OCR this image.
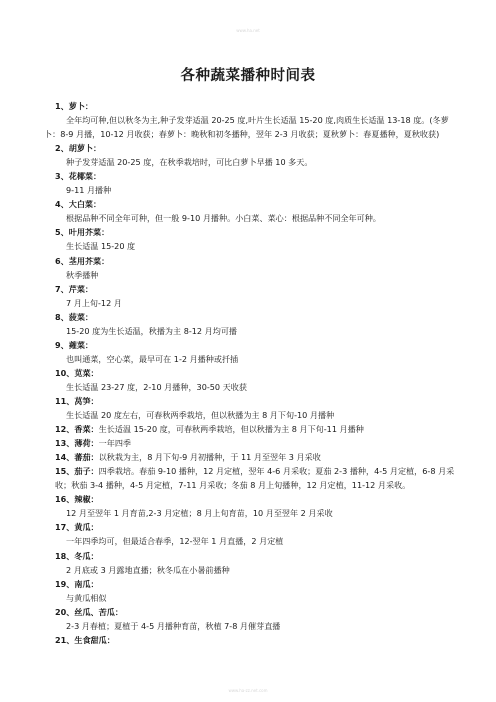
www.ha.net
各种蔬菜播种时间表
1、萝卜：
全年均可种,但以秋冬为主,种子发芽适温 20-25 度,叶片生长适温 15-20 度,肉质生长适温 13-18 度。(冬萝卜：8-9 月播，10-12 月收获；春萝卜：晚秋和初冬播种，翌年 2-3 月收获；夏秋萝卜：春夏播种，夏秋收获)
2、胡萝卜：
种子发芽适温 20-25 度，在秋季栽培时，可比白萝卜早播 10 多天。
3、花椰菜：
9-11 月播种
4、大白菜：
根据品种不同全年可种，但一般 9-10 月播种。小白菜、菜心：根据品种不同全年可种。
5、叶用芥菜：
生长适温 15-20 度
6、茎用芥菜：
秋季播种
7、芹菜：
7 月上旬-12 月
8、菠菜：
15-20 度为生长适温，秋播为主 8-12 月均可播
9、蕹菜：
也叫通菜，空心菜，最早可在 1-2 月播种或扦插
10、苋菜：
生长适温 23-27 度，2-10 月播种，30-50 天收获
11、莴笋：
生长适温 20 度左右，可春秋两季栽培，但以秋播为主 8 月下旬-10 月播种
12、香菜：生长适温 15-20 度，可春秋两季栽培，但以秋播为主 8 月下旬-11 月播种
13、薄荷：一年四季
14、蕃茄：以秋栽为主，8 月下旬-9 月初播种，于 11 月至翌年 3 月采收
15、茄子：四季栽培。春茄 9-10 播种，12 月定植，翌年 4-6 月采收；夏茄 2-3 播种，4-5 月定植，6-8 月采收；秋茄 3-4 播种，4-5 月定植，7-11 月采收；冬茄 8 月上旬播种，12 月定植，11-12 月采收。
16、辣椒：
12 月至翌年 1 月育苗,2-3 月定植；8 月上旬育苗，10 月至翌年 2 月采收
17、黄瓜：
一年四季均可，但最适合春季，12-翌年 1 月直播，2 月定植
18、冬瓜：
2 月底或 3 月露地直播；秋冬瓜在小暑前播种
19、南瓜：
与黄瓜相似
20、丝瓜、苦瓜：
2-3 月春植；夏植于 4-5 月播种育苗，秋植 7-8 月催芽直播
21、生食甜瓜：
www.ha-zz.net.com
